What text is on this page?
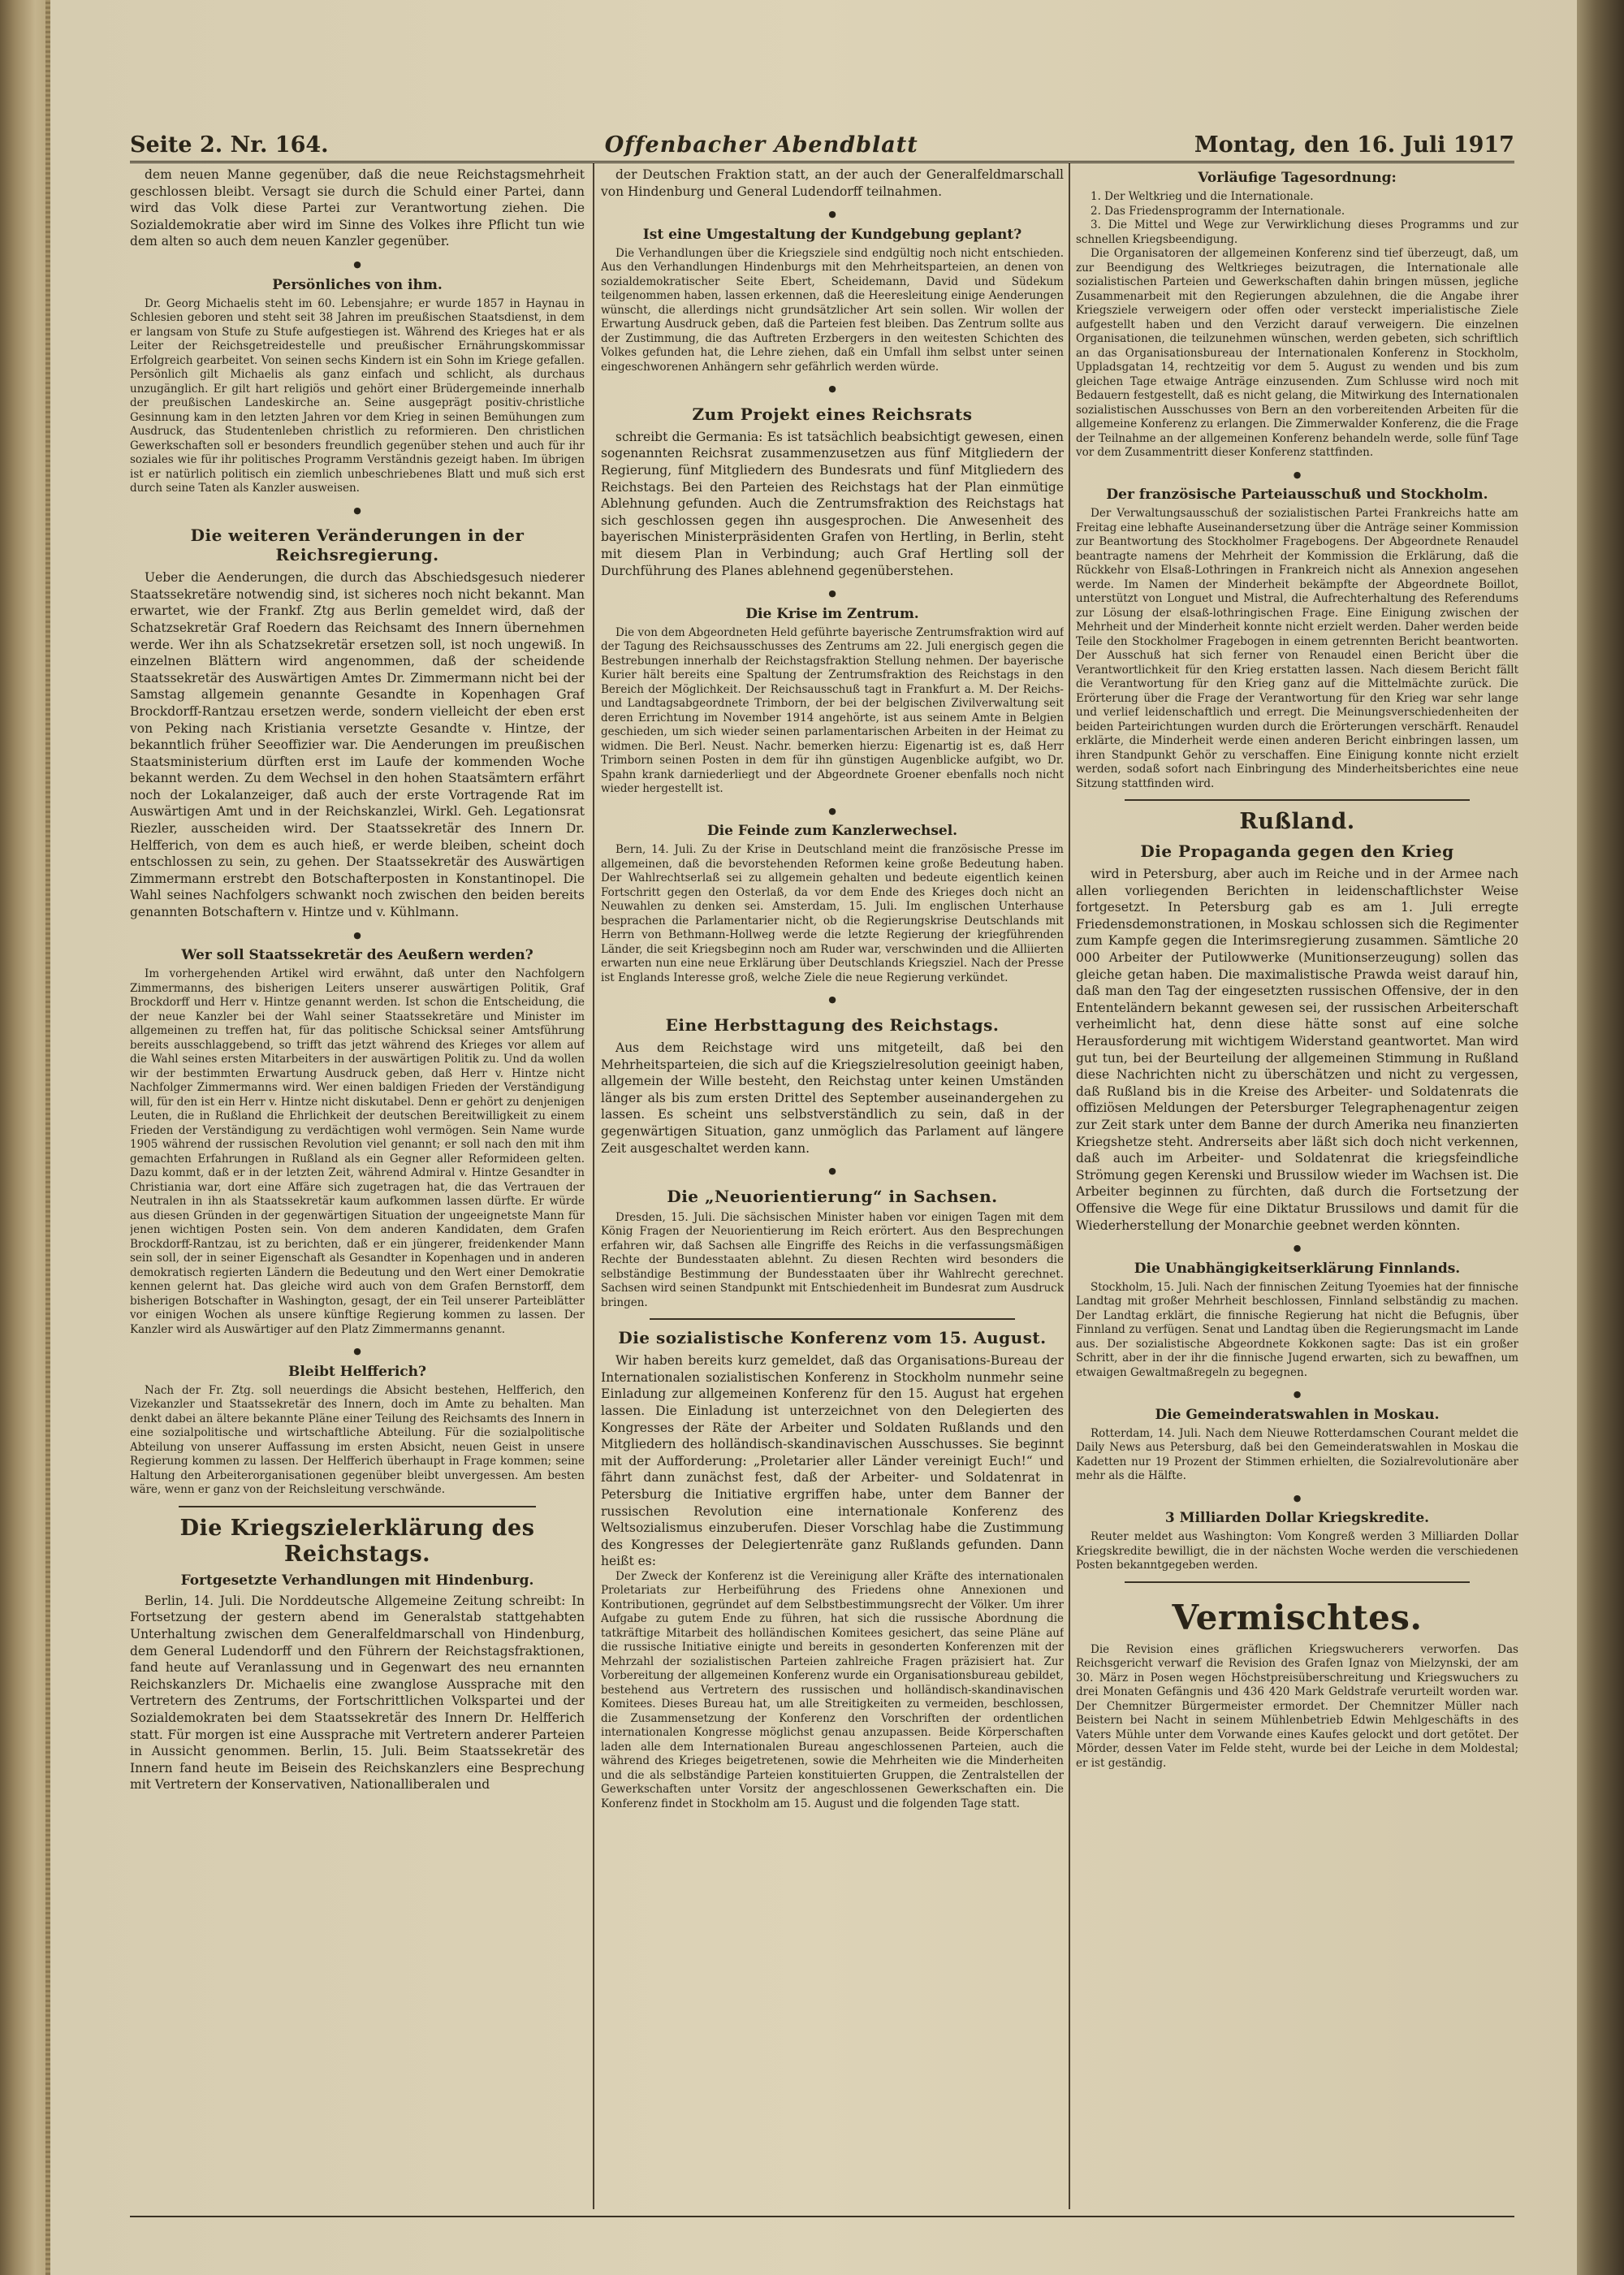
Seite 2. Nr. 164.	Offenbacher Abendblatt	Montag, den 16. Juli 1917

dem neuen Manne gegenüber, daß die neue Reichstagsmehrheit geschlossen bleibt. Versagt sie durch die Schuld einer Partei, dann wird das Volk diese Partei zur Verantwortung ziehen. Die Sozialdemokratie aber wird im Sinne des Volkes ihre Pflicht tun wie dem alten so auch dem neuen Kanzler gegenüber.

●
Persönliches von ihm.

Dr. Georg Michaelis steht im 60. Lebensjahre; er wurde 1857 in Haynau in Schlesien geboren und steht seit 38 Jahren im preußischen Staatsdienst, in dem er langsam von Stufe zu Stufe aufgestiegen ist. Während des Krieges hat er als Leiter der Reichsgetreidestelle und preußischer Ernährungskommissar Erfolgreich gearbeitet. Von seinen sechs Kindern ist ein Sohn im Kriege gefallen. Persönlich gilt Michaelis als ganz einfach und schlicht, als durchaus unzugänglich. Er gilt hart religiös und gehört einer Brüdergemeinde innerhalb der preußischen Landeskirche an. Seine ausgeprägt positiv-christliche Gesinnung kam in den letzten Jahren vor dem Krieg in seinen Bemühungen zum Ausdruck, das Studentenleben christlich zu reformieren. Den christlichen Gewerkschaften soll er besonders freundlich gegenüber stehen und auch für ihr soziales wie für ihr politisches Programm Verständnis gezeigt haben. Im übrigen ist er natürlich politisch ein ziemlich unbeschriebenes Blatt und muß sich erst durch seine Taten als Kanzler ausweisen.

●
Die weiteren Veränderungen in der Reichsregierung.

Ueber die Aenderungen, die durch das Abschiedsgesuch niederer Staatssekretäre notwendig sind, ist sicheres noch nicht bekannt. Man erwartet, wie der Frankf. Ztg aus Berlin gemeldet wird, daß der Schatzsekretär Graf Roedern das Reichsamt des Innern übernehmen werde. Wer ihn als Schatzsekretär ersetzen soll, ist noch ungewiß. In einzelnen Blättern wird angenommen, daß der scheidende Staatssekretär des Auswärtigen Amtes Dr. Zimmermann nicht bei der Samstag allgemein genannte Gesandte in Kopenhagen Graf Brockdorff-Rantzau ersetzen werde, sondern vielleicht der eben erst von Peking nach Kristiania versetzte Gesandte v. Hintze, der bekanntlich früher Seeoffizier war. Die Aenderungen im preußischen Staatsministerium dürften erst im Laufe der kommenden Woche bekannt werden. Zu dem Wechsel in den hohen Staatsämtern erfährt noch der Lokalanzeiger, daß auch der erste Vortragende Rat im Auswärtigen Amt und in der Reichskanzlei, Wirkl. Geh. Legationsrat Riezler, ausscheiden wird. Der Staatssekretär des Innern Dr. Helfferich, von dem es auch hieß, er werde bleiben, scheint doch entschlossen zu sein, zu gehen. Der Staatssekretär des Auswärtigen Zimmermann erstrebt den Botschafterposten in Konstantinopel. Die Wahl seines Nachfolgers schwankt noch zwischen den beiden bereits genannten Botschaftern v. Hintze und v. Kühlmann.

●
Wer soll Staatssekretär des Aeußern werden?

Im vorhergehenden Artikel wird erwähnt, daß unter den Nachfolgern Zimmermanns, des bisherigen Leiters unserer auswärtigen Politik, Graf Brockdorff und Herr v. Hintze genannt werden. Ist schon die Entscheidung, die der neue Kanzler bei der Wahl seiner Staatssekretäre und Minister im allgemeinen zu treffen hat, für das politische Schicksal seiner Amtsführung bereits ausschlaggebend, so trifft das jetzt während des Krieges vor allem auf die Wahl seines ersten Mitarbeiters in der auswärtigen Politik zu. Und da wollen wir der bestimmten Erwartung Ausdruck geben, daß Herr v. Hintze nicht Nachfolger Zimmermanns wird. Wer einen baldigen Frieden der Verständigung will, für den ist ein Herr v. Hintze nicht diskutabel. Denn er gehört zu denjenigen Leuten, die in Rußland die Ehrlichkeit der deutschen Bereitwilligkeit zu einem Frieden der Verständigung zu verdächtigen wohl vermögen. Sein Name wurde 1905 während der russischen Revolution viel genannt; er soll nach den mit ihm gemachten Erfahrungen in Rußland als ein Gegner aller Reformideen gelten. Dazu kommt, daß er in der letzten Zeit, während Admiral v. Hintze Gesandter in Christiania war, dort eine Affäre sich zugetragen hat, die das Vertrauen der Neutralen in ihn als Staatssekretär kaum aufkommen lassen dürfte. Er würde aus diesen Gründen in der gegenwärtigen Situation der ungeeignetste Mann für jenen wichtigen Posten sein. Von dem anderen Kandidaten, dem Grafen Brockdorff-Rantzau, ist zu berichten, daß er ein jüngerer, freidenkender Mann sein soll, der in seiner Eigenschaft als Gesandter in Kopenhagen und in anderen demokratisch regierten Ländern die Bedeutung und den Wert einer Demokratie kennen gelernt hat. Das gleiche wird auch von dem Grafen Bernstorff, dem bisherigen Botschafter in Washington, gesagt, der ein Teil unserer Parteiblätter vor einigen Wochen als unsere künftige Regierung kommen zu lassen. Der Kanzler wird als Auswärtiger auf den Platz Zimmermanns genannt.

●
Bleibt Helfferich?

Nach der Fr. Ztg. soll neuerdings die Absicht bestehen, Helfferich, den Vizekanzler und Staatssekretär des Innern, doch im Amte zu behalten. Man denkt dabei an ältere bekannte Pläne einer Teilung des Reichsamts des Innern in eine sozialpolitische und wirtschaftliche Abteilung. Für die sozialpolitische Abteilung von unserer Auffassung im ersten Absicht, neuen Geist in unsere Regierung kommen zu lassen. Der Helfferich überhaupt in Frage kommen; seine Haltung den Arbeiterorganisationen gegenüber bleibt unvergessen. Am besten wäre, wenn er ganz von der Reichsleitung verschwände.

Die Kriegszielerklärung des Reichstags.
Fortgesetzte Verhandlungen mit Hindenburg.

Berlin, 14. Juli. Die Norddeutsche Allgemeine Zeitung schreibt: In Fortsetzung der gestern abend im Generalstab stattgehabten Unterhaltung zwischen dem Generalfeldmarschall von Hindenburg, dem General Ludendorff und den Führern der Reichstagsfraktionen, fand heute auf Veranlassung und in Gegenwart des neu ernannten Reichskanzlers Dr. Michaelis eine zwanglose Aussprache mit den Vertretern des Zentrums, der Fortschrittlichen Volkspartei und der Sozialdemokraten bei dem Staatssekretär des Innern Dr. Helfferich statt. Für morgen ist eine Aussprache mit Vertretern anderer Parteien in Aussicht genommen. Berlin, 15. Juli. Beim Staatssekretär des Innern fand heute im Beisein des Reichskanzlers eine Besprechung mit Vertretern der Konservativen, Nationalliberalen und

der Deutschen Fraktion statt, an der auch der Generalfeldmarschall von Hindenburg und General Ludendorff teilnahmen.

●
Ist eine Umgestaltung der Kundgebung geplant?

Die Verhandlungen über die Kriegsziele sind endgültig noch nicht entschieden. Aus den Verhandlungen Hindenburgs mit den Mehrheitsparteien, an denen von sozialdemokratischer Seite Ebert, Scheidemann, David und Südekum teilgenommen haben, lassen erkennen, daß die Heeresleitung einige Aenderungen wünscht, die allerdings nicht grundsätzlicher Art sein sollen. Wir wollen der Erwartung Ausdruck geben, daß die Parteien fest bleiben. Das Zentrum sollte aus der Zustimmung, die das Auftreten Erzbergers in den weitesten Schichten des Volkes gefunden hat, die Lehre ziehen, daß ein Umfall ihm selbst unter seinen eingeschworenen Anhängern sehr gefährlich werden würde.

●
Zum Projekt eines Reichsrats

schreibt die Germania: Es ist tatsächlich beabsichtigt gewesen, einen sogenannten Reichsrat zusammenzusetzen aus fünf Mitgliedern der Regierung, fünf Mitgliedern des Bundesrats und fünf Mitgliedern des Reichstags. Bei den Parteien des Reichstags hat der Plan einmütige Ablehnung gefunden. Auch die Zentrumsfraktion des Reichstags hat sich geschlossen gegen ihn ausgesprochen. Die Anwesenheit des bayerischen Ministerpräsidenten Grafen von Hertling, in Berlin, steht mit diesem Plan in Verbindung; auch Graf Hertling soll der Durchführung des Planes ablehnend gegenüberstehen.

●
Die Krise im Zentrum.

Die von dem Abgeordneten Held geführte bayerische Zentrumsfraktion wird auf der Tagung des Reichsausschusses des Zentrums am 22. Juli energisch gegen die Bestrebungen innerhalb der Reichstagsfraktion Stellung nehmen. Der bayerische Kurier hält bereits eine Spaltung der Zentrumsfraktion des Reichstags in den Bereich der Möglichkeit. Der Reichsausschuß tagt in Frankfurt a. M. Der Reichs- und Landtagsabgeordnete Trimborn, der bei der belgischen Zivilverwaltung seit deren Errichtung im November 1914 angehörte, ist aus seinem Amte in Belgien geschieden, um sich wieder seinen parlamentarischen Arbeiten in der Heimat zu widmen. Die Berl. Neust. Nachr. bemerken hierzu: Eigenartig ist es, daß Herr Trimborn seinen Posten in dem für ihn günstigen Augenblicke aufgibt, wo Dr. Spahn krank darniederliegt und der Abgeordnete Groener ebenfalls noch nicht wieder hergestellt ist.

●
Die Feinde zum Kanzlerwechsel.

Bern, 14. Juli. Zu der Krise in Deutschland meint die französische Presse im allgemeinen, daß die bevorstehenden Reformen keine große Bedeutung haben. Der Wahlrechtserlaß sei zu allgemein gehalten und bedeute eigentlich keinen Fortschritt gegen den Osterlaß, da vor dem Ende des Krieges doch nicht an Neuwahlen zu denken sei. Amsterdam, 15. Juli. Im englischen Unterhause besprachen die Parlamentarier nicht, ob die Regierungskrise Deutschlands mit Herrn von Bethmann-Hollweg werde die letzte Regierung der kriegführenden Länder, die seit Kriegsbeginn noch am Ruder war, verschwinden und die Alliierten erwarten nun eine neue Erklärung über Deutschlands Kriegsziel. Nach der Presse ist Englands Interesse groß, welche Ziele die neue Regierung verkündet.

●
Eine Herbsttagung des Reichstags.

Aus dem Reichstage wird uns mitgeteilt, daß bei den Mehrheitsparteien, die sich auf die Kriegszielresolution geeinigt haben, allgemein der Wille besteht, den Reichstag unter keinen Umständen länger als bis zum ersten Drittel des September auseinandergehen zu lassen. Es scheint uns selbstverständlich zu sein, daß in der gegenwärtigen Situation, ganz unmöglich das Parlament auf längere Zeit ausgeschaltet werden kann.

●
Die „Neuorientierung“ in Sachsen.

Dresden, 15. Juli. Die sächsischen Minister haben vor einigen Tagen mit dem König Fragen der Neuorientierung im Reich erörtert. Aus den Besprechungen erfahren wir, daß Sachsen alle Eingriffe des Reichs in die verfassungsmäßigen Rechte der Bundesstaaten ablehnt. Zu diesen Rechten wird besonders die selbständige Bestimmung der Bundesstaaten über ihr Wahlrecht gerechnet. Sachsen wird seinen Standpunkt mit Entschiedenheit im Bundesrat zum Ausdruck bringen.

Die sozialistische Konferenz vom 15. August.

Wir haben bereits kurz gemeldet, daß das Organisations-Bureau der Internationalen sozialistischen Konferenz in Stockholm nunmehr seine Einladung zur allgemeinen Konferenz für den 15. August hat ergehen lassen. Die Einladung ist unterzeichnet von den Delegierten des Kongresses der Räte der Arbeiter und Soldaten Rußlands und den Mitgliedern des holländisch-skandinavischen Ausschusses. Sie beginnt mit der Aufforderung: „Proletarier aller Länder vereinigt Euch!“ und fährt dann zunächst fest, daß der Arbeiter- und Soldatenrat in Petersburg die Initiative ergriffen habe, unter dem Banner der russischen Revolution eine internationale Konferenz des Weltsozialismus einzuberufen. Dieser Vorschlag habe die Zustimmung des Kongresses der Delegiertenräte ganz Rußlands gefunden. Dann heißt es:

Der Zweck der Konferenz ist die Vereinigung aller Kräfte des internationalen Proletariats zur Herbeiführung des Friedens ohne Annexionen und Kontributionen, gegründet auf dem Selbstbestimmungsrecht der Völker. Um ihrer Aufgabe zu gutem Ende zu führen, hat sich die russische Abordnung die tatkräftige Mitarbeit des holländischen Komitees gesichert, das seine Pläne auf die russische Initiative einigte und bereits in gesonderten Konferenzen mit der Mehrzahl der sozialistischen Parteien zahlreiche Fragen präzisiert hat. Zur Vorbereitung der allgemeinen Konferenz wurde ein Organisationsbureau gebildet, bestehend aus Vertretern des russischen und holländisch-skandinavischen Komitees. Dieses Bureau hat, um alle Streitigkeiten zu vermeiden, beschlossen, die Zusammensetzung der Konferenz den Vorschriften der ordentlichen internationalen Kongresse möglichst genau anzupassen. Beide Körperschaften laden alle dem Internationalen Bureau angeschlossenen Parteien, auch die während des Krieges beigetretenen, sowie die Mehrheiten wie die Minderheiten und die als selbständige Parteien konstituierten Gruppen, die Zentralstellen der Gewerkschaften unter Vorsitz der angeschlossenen Gewerkschaften ein. Die Konferenz findet in Stockholm am 15. August und die folgenden Tage statt.

Vorläufige Tagesordnung:

1. Der Weltkrieg und die Internationale.

2. Das Friedensprogramm der Internationale.

3. Die Mittel und Wege zur Verwirklichung dieses Programms und zur schnellen Kriegsbeendigung.

Die Organisatoren der allgemeinen Konferenz sind tief überzeugt, daß, um zur Beendigung des Weltkrieges beizutragen, die Internationale alle sozialistischen Parteien und Gewerkschaften dahin bringen müssen, jegliche Zusammenarbeit mit den Regierungen abzulehnen, die die Angabe ihrer Kriegsziele verweigern oder offen oder versteckt imperialistische Ziele aufgestellt haben und den Verzicht darauf verweigern. Die einzelnen Organisationen, die teilzunehmen wünschen, werden gebeten, sich schriftlich an das Organisationsbureau der Internationalen Konferenz in Stockholm, Uppladsgatan 14, rechtzeitig vor dem 5. August zu wenden und bis zum gleichen Tage etwaige Anträge einzusenden. Zum Schlusse wird noch mit Bedauern festgestellt, daß es nicht gelang, die Mitwirkung des Internationalen sozialistischen Ausschusses von Bern an den vorbereitenden Arbeiten für die allgemeine Konferenz zu erlangen. Die Zimmerwalder Konferenz, die die Frage der Teilnahme an der allgemeinen Konferenz behandeln werde, solle fünf Tage vor dem Zusammentritt dieser Konferenz stattfinden.

●
Der französische Parteiausschuß und Stockholm.

Der Verwaltungsausschuß der sozialistischen Partei Frankreichs hatte am Freitag eine lebhafte Auseinandersetzung über die Anträge seiner Kommission zur Beantwortung des Stockholmer Fragebogens. Der Abgeordnete Renaudel beantragte namens der Mehrheit der Kommission die Erklärung, daß die Rückkehr von Elsaß-Lothringen in Frankreich nicht als Annexion angesehen werde. Im Namen der Minderheit bekämpfte der Abgeordnete Boillot, unterstützt von Longuet und Mistral, die Aufrechterhaltung des Referendums zur Lösung der elsaß-lothringischen Frage. Eine Einigung zwischen der Mehrheit und der Minderheit konnte nicht erzielt werden. Daher werden beide Teile den Stockholmer Fragebogen in einem getrennten Bericht beantworten. Der Ausschuß hat sich ferner von Renaudel einen Bericht über die Verantwortlichkeit für den Krieg erstatten lassen. Nach diesem Bericht fällt die Verantwortung für den Krieg ganz auf die Mittelmächte zurück. Die Erörterung über die Frage der Verantwortung für den Krieg war sehr lange und verlief leidenschaftlich und erregt. Die Meinungsverschiedenheiten der beiden Parteirichtungen wurden durch die Erörterungen verschärft. Renaudel erklärte, die Minderheit werde einen anderen Bericht einbringen lassen, um ihren Standpunkt Gehör zu verschaffen. Eine Einigung konnte nicht erzielt werden, sodaß sofort nach Einbringung des Minderheitsberichtes eine neue Sitzung stattfinden wird.

Rußland.
Die Propaganda gegen den Krieg

wird in Petersburg, aber auch im Reiche und in der Armee nach allen vorliegenden Berichten in leidenschaftlichster Weise fortgesetzt. In Petersburg gab es am 1. Juli erregte Friedensdemonstrationen, in Moskau schlossen sich die Regimenter zum Kampfe gegen die Interimsregierung zusammen. Sämtliche 20 000 Arbeiter der Putilowwerke (Munitionserzeugung) sollen das gleiche getan haben. Die maximalistische Prawda weist darauf hin, daß man den Tag der eingesetzten russischen Offensive, der in den Ententeländern bekannt gewesen sei, der russischen Arbeiterschaft verheimlicht hat, denn diese hätte sonst auf eine solche Herausforderung mit wichtigem Widerstand geantwortet. Man wird gut tun, bei der Beurteilung der allgemeinen Stimmung in Rußland diese Nachrichten nicht zu überschätzen und nicht zu vergessen, daß Rußland bis in die Kreise des Arbeiter- und Soldatenrats die offiziösen Meldungen der Petersburger Telegraphenagentur zeigen zur Zeit stark unter dem Banne der durch Amerika neu finanzierten Kriegshetze steht. Andrerseits aber läßt sich doch nicht verkennen, daß auch im Arbeiter- und Soldatenrat die kriegsfeindliche Strömung gegen Kerenski und Brussilow wieder im Wachsen ist. Die Arbeiter beginnen zu fürchten, daß durch die Fortsetzung der Offensive die Wege für eine Diktatur Brussilows und damit für die Wiederherstellung der Monarchie geebnet werden könnten.

●
Die Unabhängigkeitserklärung Finnlands.

Stockholm, 15. Juli. Nach der finnischen Zeitung Tyoemies hat der finnische Landtag mit großer Mehrheit beschlossen, Finnland selbständig zu machen. Der Landtag erklärt, die finnische Regierung hat nicht die Befugnis, über Finnland zu verfügen. Senat und Landtag üben die Regierungsmacht im Lande aus. Der sozialistische Abgeordnete Kokkonen sagte: Das ist ein großer Schritt, aber in der ihr die finnische Jugend erwarten, sich zu bewaffnen, um etwaigen Gewaltmaßregeln zu begegnen.

●
Die Gemeinderatswahlen in Moskau.

Rotterdam, 14. Juli. Nach dem Nieuwe Rotterdamschen Courant meldet die Daily News aus Petersburg, daß bei den Gemeinderatswahlen in Moskau die Kadetten nur 19 Prozent der Stimmen erhielten, die Sozialrevolutionäre aber mehr als die Hälfte.

●
3 Milliarden Dollar Kriegskredite.

Reuter meldet aus Washington: Vom Kongreß werden 3 Milliarden Dollar Kriegskredite bewilligt, die in der nächsten Woche werden die verschiedenen Posten bekanntgegeben werden.

Vermischtes.

Die Revision eines gräflichen Kriegswucherers verworfen. Das Reichsgericht verwarf die Revision des Grafen Ignaz von Mielzynski, der am 30. März in Posen wegen Höchstpreisüberschreitung und Kriegswuchers zu drei Monaten Gefängnis und 436 420 Mark Geldstrafe verurteilt worden war. Der Chemnitzer Bürgermeister ermordet. Der Chemnitzer Müller nach Beistern bei Nacht in seinem Mühlenbetrieb Edwin Mehlgeschäfts in des Vaters Mühle unter dem Vorwande eines Kaufes gelockt und dort getötet. Der Mörder, dessen Vater im Felde steht, wurde bei der Leiche in dem Moldestal; er ist geständig.
